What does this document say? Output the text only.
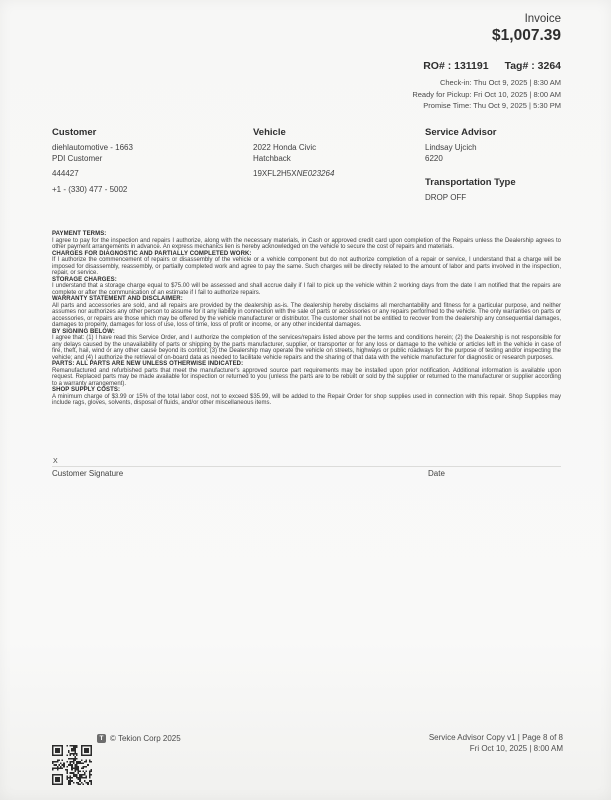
Invoice
$1,007.39
RO# : 131191 Tag# : 3264
Check-in: Thu Oct 9, 2025 | 8:30 AM
Ready for Pickup: Fri Oct 10, 2025 | 8:00 AM
Promise Time: Thu Oct 9, 2025 | 5:30 PM
Customer
diehlautomotive - 1663
PDI Customer
444427
+1 - (330) 477 - 5002
Vehicle
2022 Honda Civic
Hatchback
19XFL2H5XNE023264
Service Advisor
Lindsay Ujcich
6220
Transportation Type
DROP OFF
PAYMENT TERMS:
I agree to pay for the inspection and repairs I authorize, along with the necessary materials, in Cash or approved credit card upon completion of the Repairs unless the Dealership agrees to other payment arrangements in advance. An express mechanics lien is hereby acknowledged on the vehicle to secure the cost of repairs and materials.
CHARGES FOR DIAGNOSTIC AND PARTIALLY COMPLETED WORK:
If I authorize the commencement of repairs or disassembly of the vehicle or a vehicle component but do not authorize completion of a repair or service, I understand that a charge will be imposed for disassembly, reassembly, or partially completed work and agree to pay the same. Such charges will be directly related to the amount of labor and parts involved in the inspection, repair, or service.
STORAGE CHARGES:
I understand that a storage charge equal to $75.00 will be assessed and shall accrue daily if I fail to pick up the vehicle within 2 working days from the date I am notified that the repairs are complete or after the communication of an estimate if I fail to authorize repairs.
WARRANTY STATEMENT AND DISCLAIMER:
All parts and accessories are sold, and all repairs are provided by the dealership as-is. The dealership hereby disclaims all merchantability and fitness for a particular purpose, and neither assumes nor authorizes any other person to assume for it any liability in connection with the sale of parts or accessories or any repairs performed to the vehicle. The only warranties on parts or accessories, or repairs are those which may be offered by the vehicle manufacturer or distributor. The customer shall not be entitled to recover from the dealership any consequential damages, damages to property, damages for loss of use, loss of time, loss of profit or income, or any other incidental damages.
BY SIGNING BELOW:
I agree that: (1) I have read this Service Order, and I authorize the completion of the services/repairs listed above per the terms and conditions herein; (2) the Dealership is not responsible for any delays caused by the unavailability of parts or shipping by the parts manufacturer, supplier, or transporter or for any loss or damage to the vehicle or articles left in the vehicle in case of fire, theft, hail, wind or any other cause beyond its control; (3) the Dealership may operate the vehicle on streets, highways or public roadways for the purpose of testing and/or inspecting the vehicle; and (4) I authorize the retrieval of on-board data as needed to facilitate vehicle repairs and the sharing of that data with the vehicle manufacturer for diagnostic or research purposes.
PARTS: ALL PARTS ARE NEW UNLESS OTHERWISE INDICATED:
Remanufactured and refurbished parts that meet the manufacturer's approved source part requirements may be installed upon prior notification. Additional information is available upon request. Replaced parts may be made available for inspection or returned to you (unless the parts are to be rebuilt or sold by the supplier or returned to the manufacturer or supplier according to a warranty arrangement).
SHOP SUPPLY COSTS:
A minimum charge of $3.99 or 15% of the total labor cost, not to exceed $35.99, will be added to the Repair Order for shop supplies used in connection with this repair. Shop Supplies may include rags, gloves, solvents, disposal of fluids, and/or other miscellaneous items.
X
Customer Signature	Date
T © Tekion Corp 2025	Service Advisor Copy v1 | Page 8 of 8
Fri Oct 10, 2025 | 8:00 AM
